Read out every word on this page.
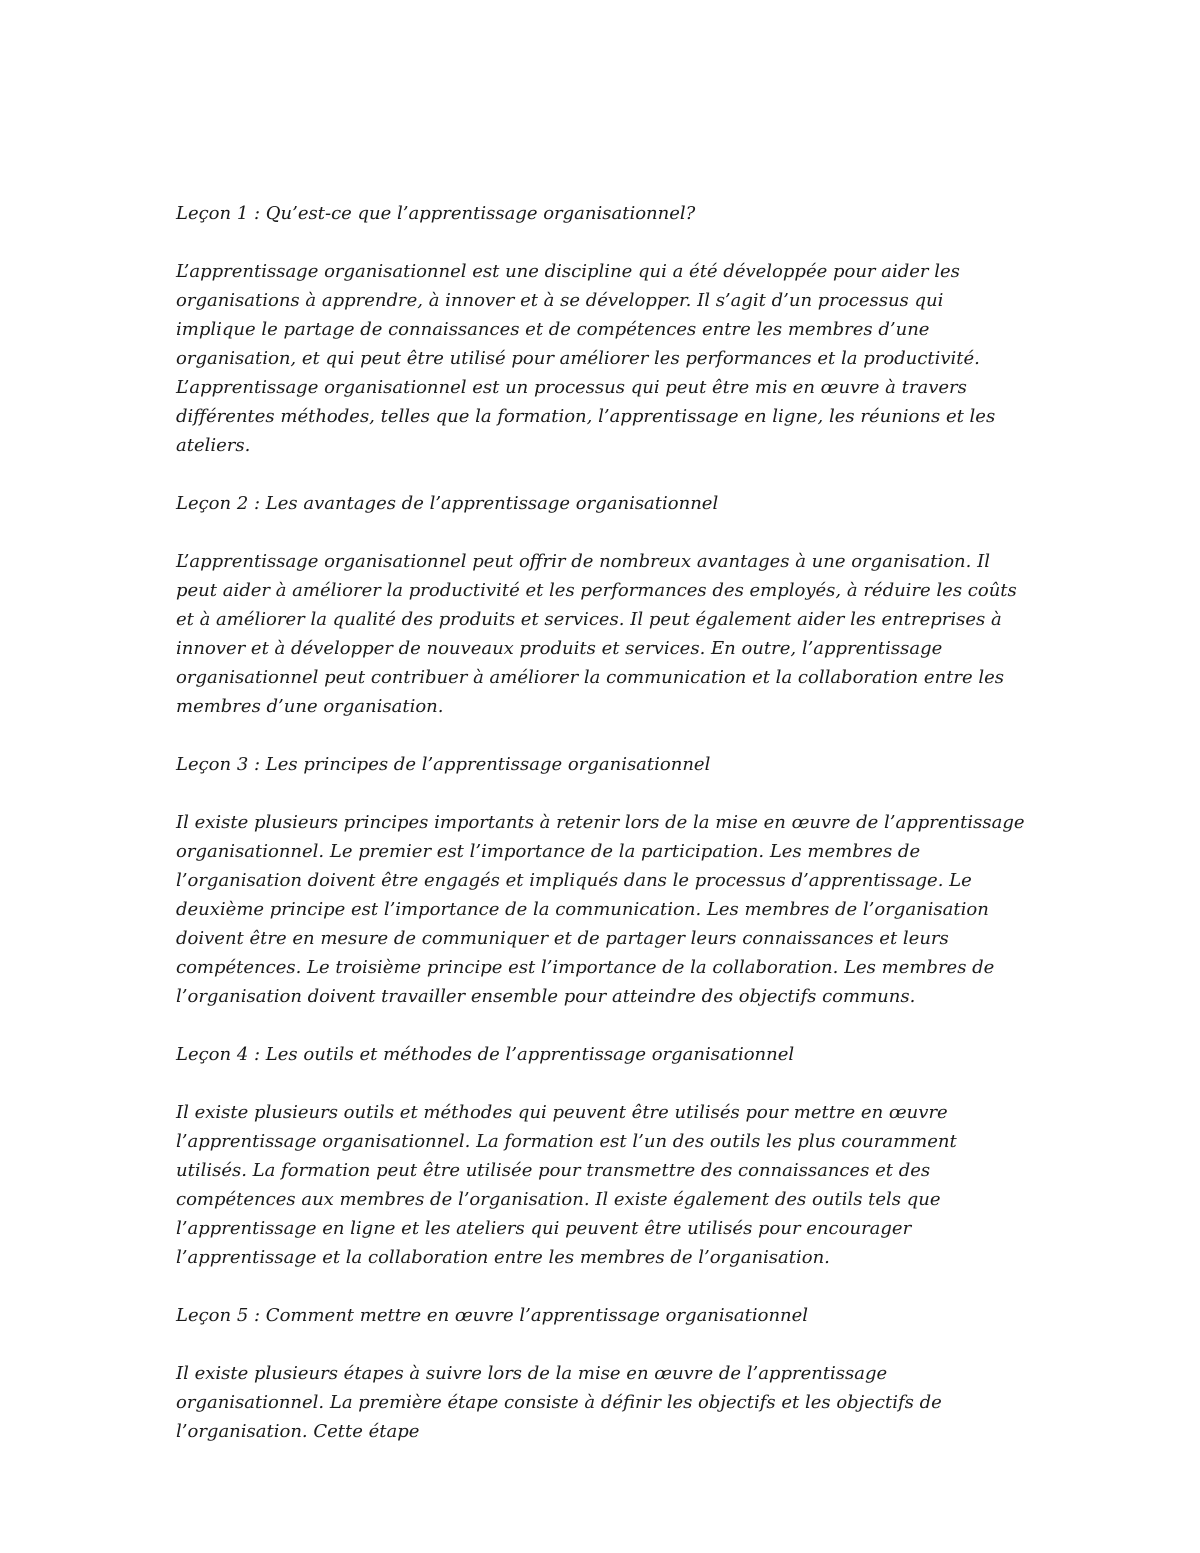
Leçon 1 : Qu’est-ce que l’apprentissage organisationnel?

L’apprentissage organisationnel est une discipline qui a été développée pour aider les organisations à apprendre, à innover et à se développer. Il s’agit d’un processus qui implique le partage de connaissances et de compétences entre les membres d’une organisation, et qui peut être utilisé pour améliorer les performances et la productivité. L’apprentissage organisationnel est un processus qui peut être mis en œuvre à travers différentes méthodes, telles que la formation, l’apprentissage en ligne, les réunions et les ateliers.

Leçon 2 : Les avantages de l’apprentissage organisationnel

L’apprentissage organisationnel peut offrir de nombreux avantages à une organisation. Il peut aider à améliorer la productivité et les performances des employés, à réduire les coûts et à améliorer la qualité des produits et services. Il peut également aider les entreprises à innover et à développer de nouveaux produits et services. En outre, l’apprentissage organisationnel peut contribuer à améliorer la communication et la collaboration entre les membres d’une organisation.

Leçon 3 : Les principes de l’apprentissage organisationnel

Il existe plusieurs principes importants à retenir lors de la mise en œuvre de l’apprentissage organisationnel. Le premier est l’importance de la participation. Les membres de l’organisation doivent être engagés et impliqués dans le processus d’apprentissage. Le deuxième principe est l’importance de la communication. Les membres de l’organisation doivent être en mesure de communiquer et de partager leurs connaissances et leurs compétences. Le troisième principe est l’importance de la collaboration. Les membres de l’organisation doivent travailler ensemble pour atteindre des objectifs communs.

Leçon 4 : Les outils et méthodes de l’apprentissage organisationnel

Il existe plusieurs outils et méthodes qui peuvent être utilisés pour mettre en œuvre l’apprentissage organisationnel. La formation est l’un des outils les plus couramment utilisés. La formation peut être utilisée pour transmettre des connaissances et des compétences aux membres de l’organisation. Il existe également des outils tels que l’apprentissage en ligne et les ateliers qui peuvent être utilisés pour encourager l’apprentissage et la collaboration entre les membres de l’organisation.

Leçon 5 : Comment mettre en œuvre l’apprentissage organisationnel

Il existe plusieurs étapes à suivre lors de la mise en œuvre de l’apprentissage organisationnel. La première étape consiste à définir les objectifs et les objectifs de l’organisation. Cette étape
